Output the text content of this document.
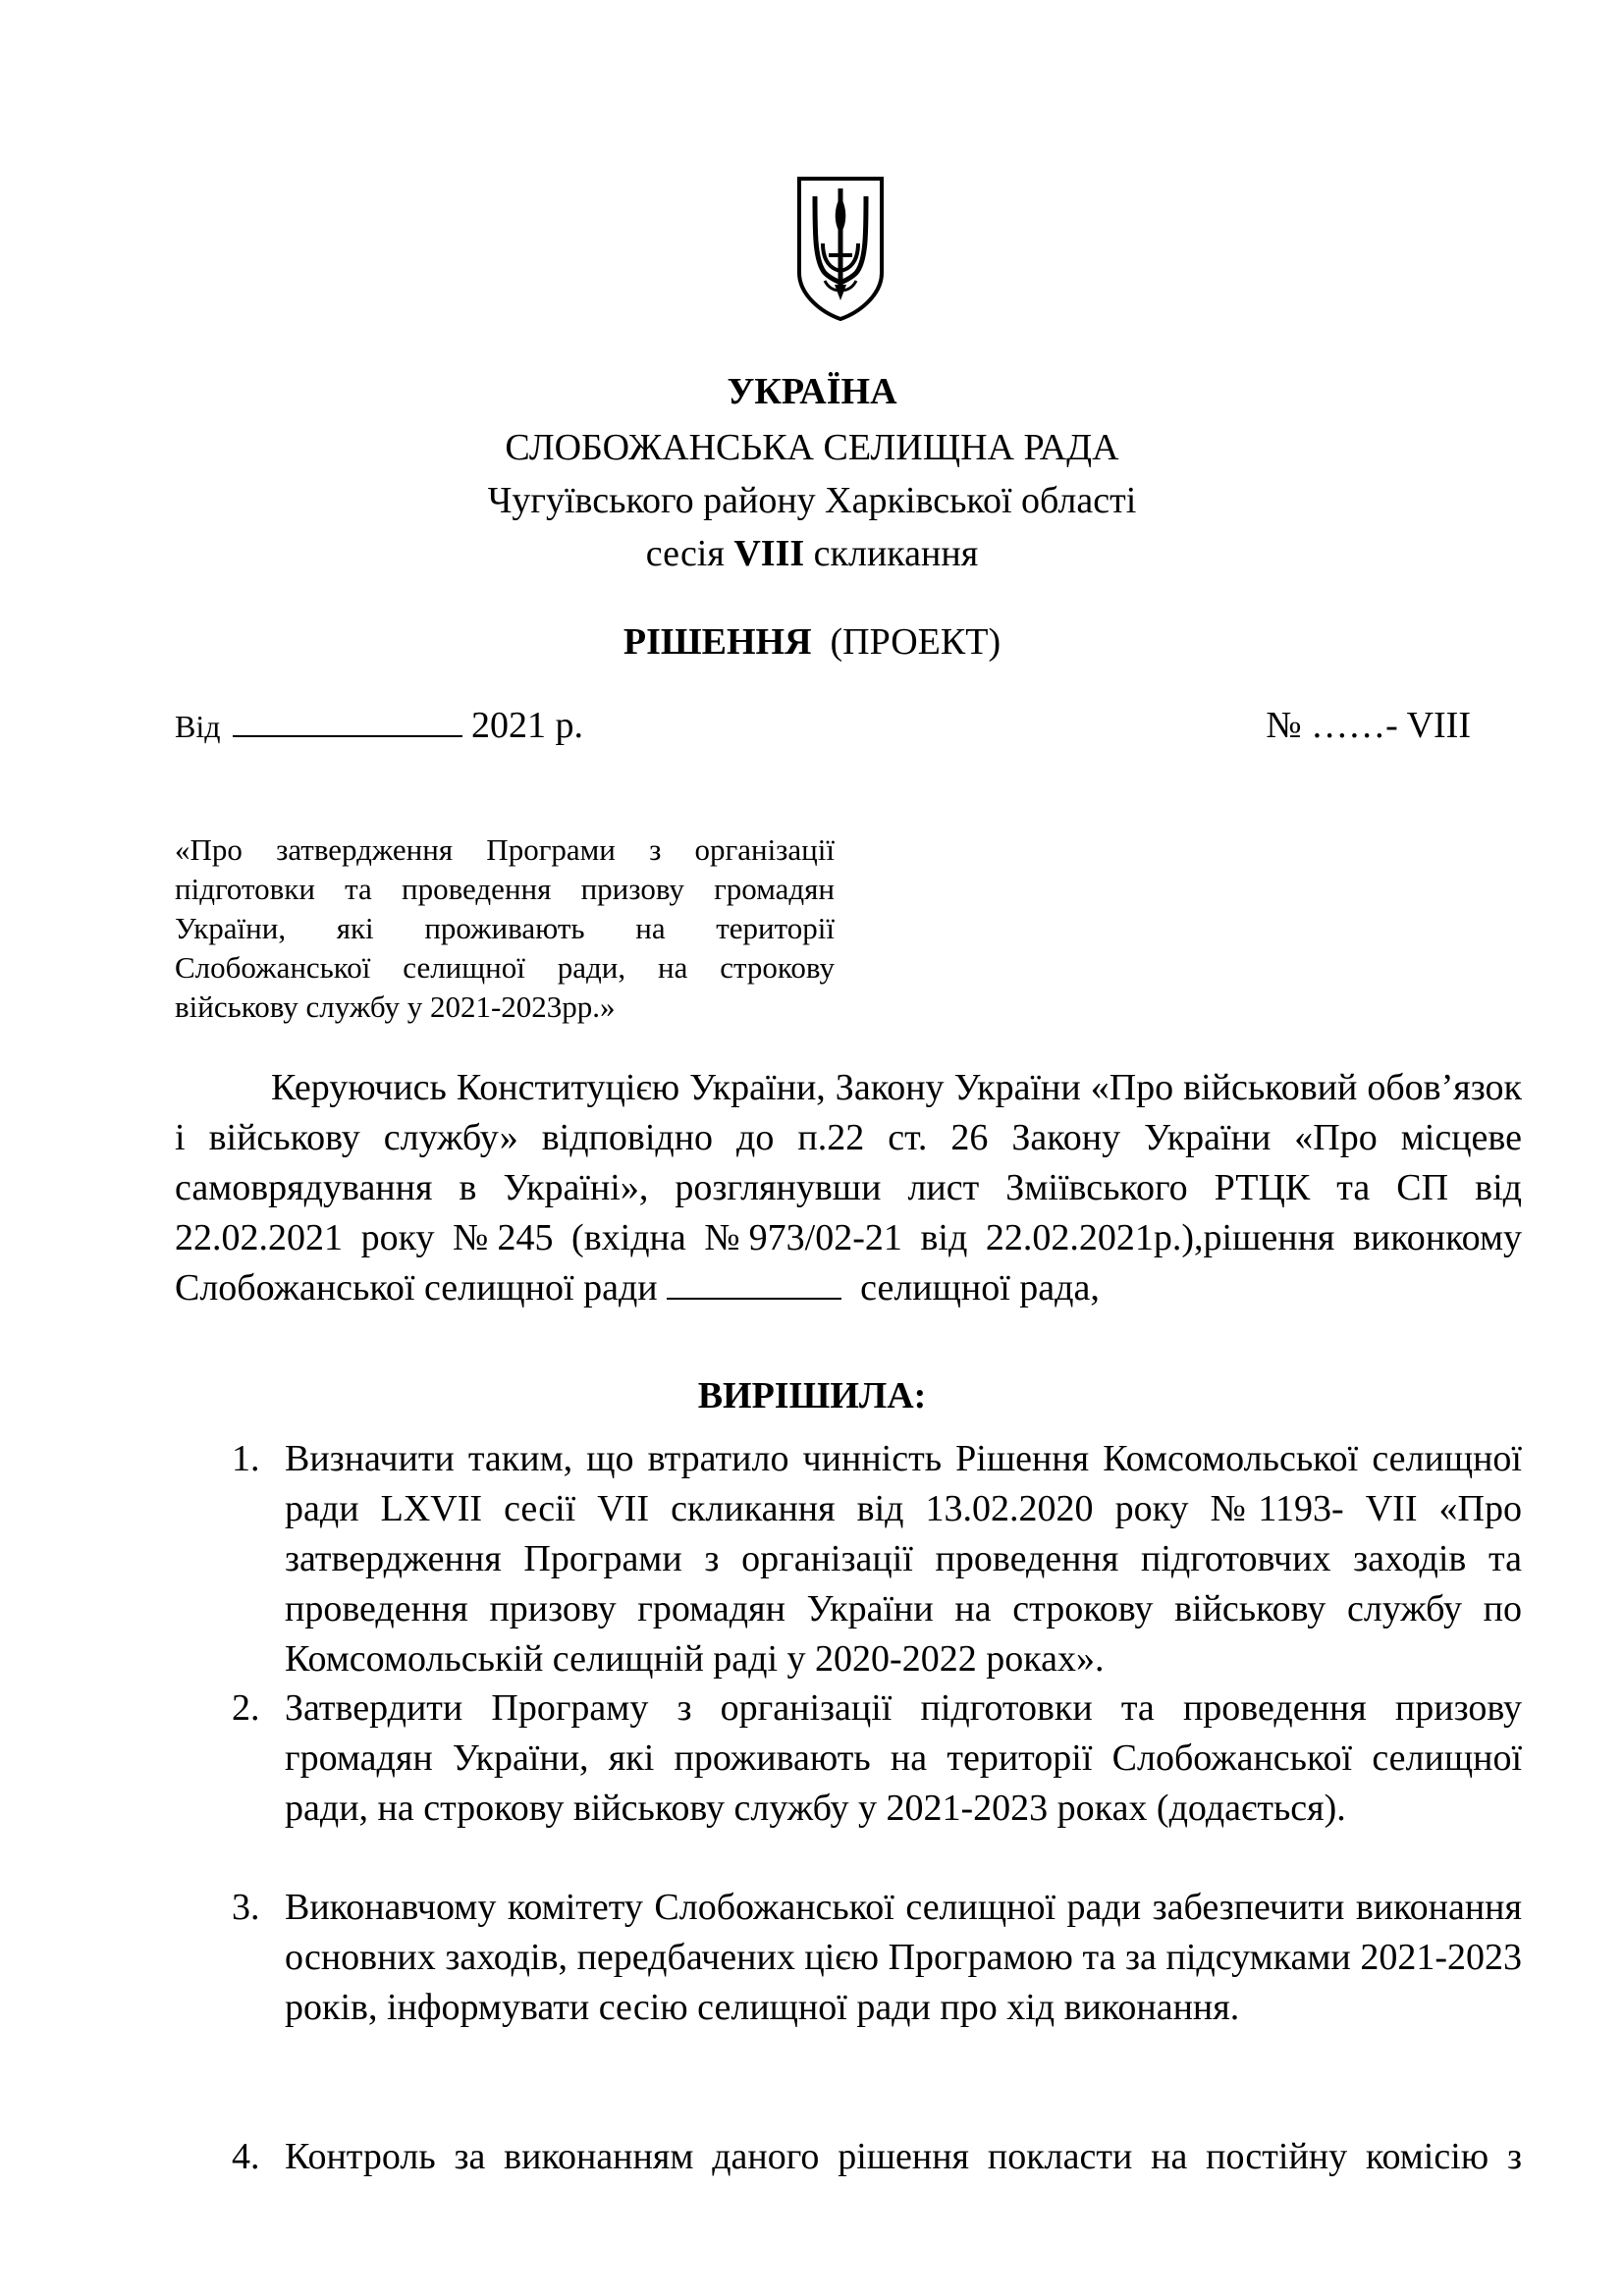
УКРАЇНА
СЛОБОЖАНСЬКА СЕЛИЩНА РАДА
Чугуївського району Харківської області
сесія VIII скликання
РІШЕННЯ (ПРОЕКТ)
Від	2021 р.	№ ……- VIII
«Про затвердження Програми з організації підготовки та проведення призову громадян України, які проживають на території Слобожанської селищної ради, на строкову військову службу у 2021-2023рр.»
Керуючись Конституцією України, Закону України «Про військовий обов’язок і військову службу» відповідно до п.22 ст. 26 Закону України «Про місцеве самоврядування в Україні», розглянувши лист Зміївського РТЦК та СП від 22.02.2021 року №245 (вхідна №973/02-21 від 22.02.2021р.),рішення виконкому Слобожанської селищної ради	селищної рада,
ВИРІШИЛА:
1. Визначити таким, що втратило чинність Рішення Комсомольської селищної ради LXVII сесії VII скликання від 13.02.2020 року №1193- VII «Про затвердження Програми з організації проведення підготовчих заходів та проведення призову громадян України на строкову військову службу по Комсомольській селищній раді у 2020-2022 роках».
2. Затвердити Програму з організації підготовки та проведення призову громадян України, які проживають на території Слобожанської селищної ради, на строкову військову службу у 2021-2023 роках (додається).
3. Виконавчому комітету Слобожанської селищної ради забезпечити виконання основних заходів, передбачених цією Програмою та за підсумками 2021-2023 років, інформувати сесію селищної ради про хід виконання.
4. Контроль за виконанням даного рішення покласти на постійну комісію з
